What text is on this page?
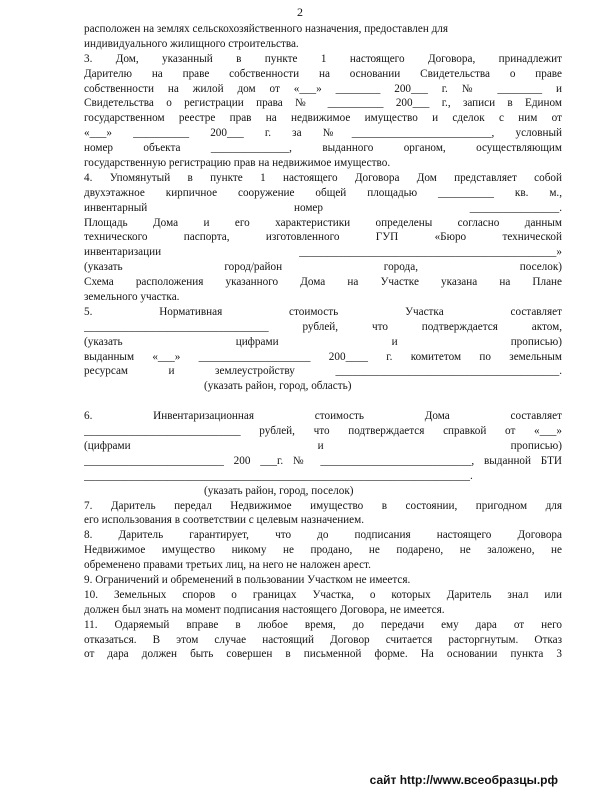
2
расположен на землях сельскохозяйственного назначения, предоставлен для
индивидуального жилищного строительства.
3. Дом, указанный в пункте 1 настоящего Договора, принадлежит
Дарителю на праве собственности на основании Свидетельства о праве
собственности на жилой дом от «___» ________ 200___ г. № ________ и
Свидетельства о регистрации права № __________ 200___ г., записи в Едином
государственном реестре прав на недвижимое имущество и сделок с ним от
«___» __________ 200___ г. за №_________________________, условный
номер объекта ______________, выданного органом, осуществляющим
государственную регистрацию прав на недвижимое имущество.
4. Упомянутый в пункте 1 настоящего Договора Дом представляет собой
двухэтажное кирпичное сооружение общей площадью __________ кв. м.,
инвентарный номер ________________.
Площадь Дома и его характеристики определены согласно данным
технического паспорта, изготовленного ГУП «Бюро технической
инвентаризации ______________________________________________»
(указать город/район города, поселок)
Схема расположения указанного Дома на Участке указана на Плане
земельного участка.
5. Нормативная стоимость Участка составляет
_________________________________ рублей, что подтверждается актом,
(указать цифрами и прописью)
выданным «___» ____________________ 200____ г. комитетом по земельным
ресурсам и землеустройству ________________________________________.
(указать район, город, область)
6. Инвентаризационная стоимость Дома составляет
____________________________ рублей, что подтверждается справкой от «___»
(цифрами и прописью)
_________________________ 200 ___г. № ___________________________, выданной БТИ
_____________________________________________________________________.
(указать район, город, поселок)
7. Даритель передал Недвижимое имущество в состоянии, пригодном для
его использования в соответствии с целевым назначением.
8. Даритель гарантирует, что до подписания настоящего Договора
Недвижимое имущество никому не продано, не подарено, не заложено, не
обременено правами третьих лиц, на него не наложен арест.
9. Ограничений и обременений в пользовании Участком не имеется.
10. Земельных споров о границах Участка, о которых Даритель знал или
должен был знать на момент подписания настоящего Договора, не имеется.
11. Одаряемый вправе в любое время, до передачи ему дара от него
отказаться. В этом случае настоящий Договор считается расторгнутым. Отказ
от дара должен быть совершен в письменной форме. На основании пункта 3
сайт http://www.всеобразцы.рф
